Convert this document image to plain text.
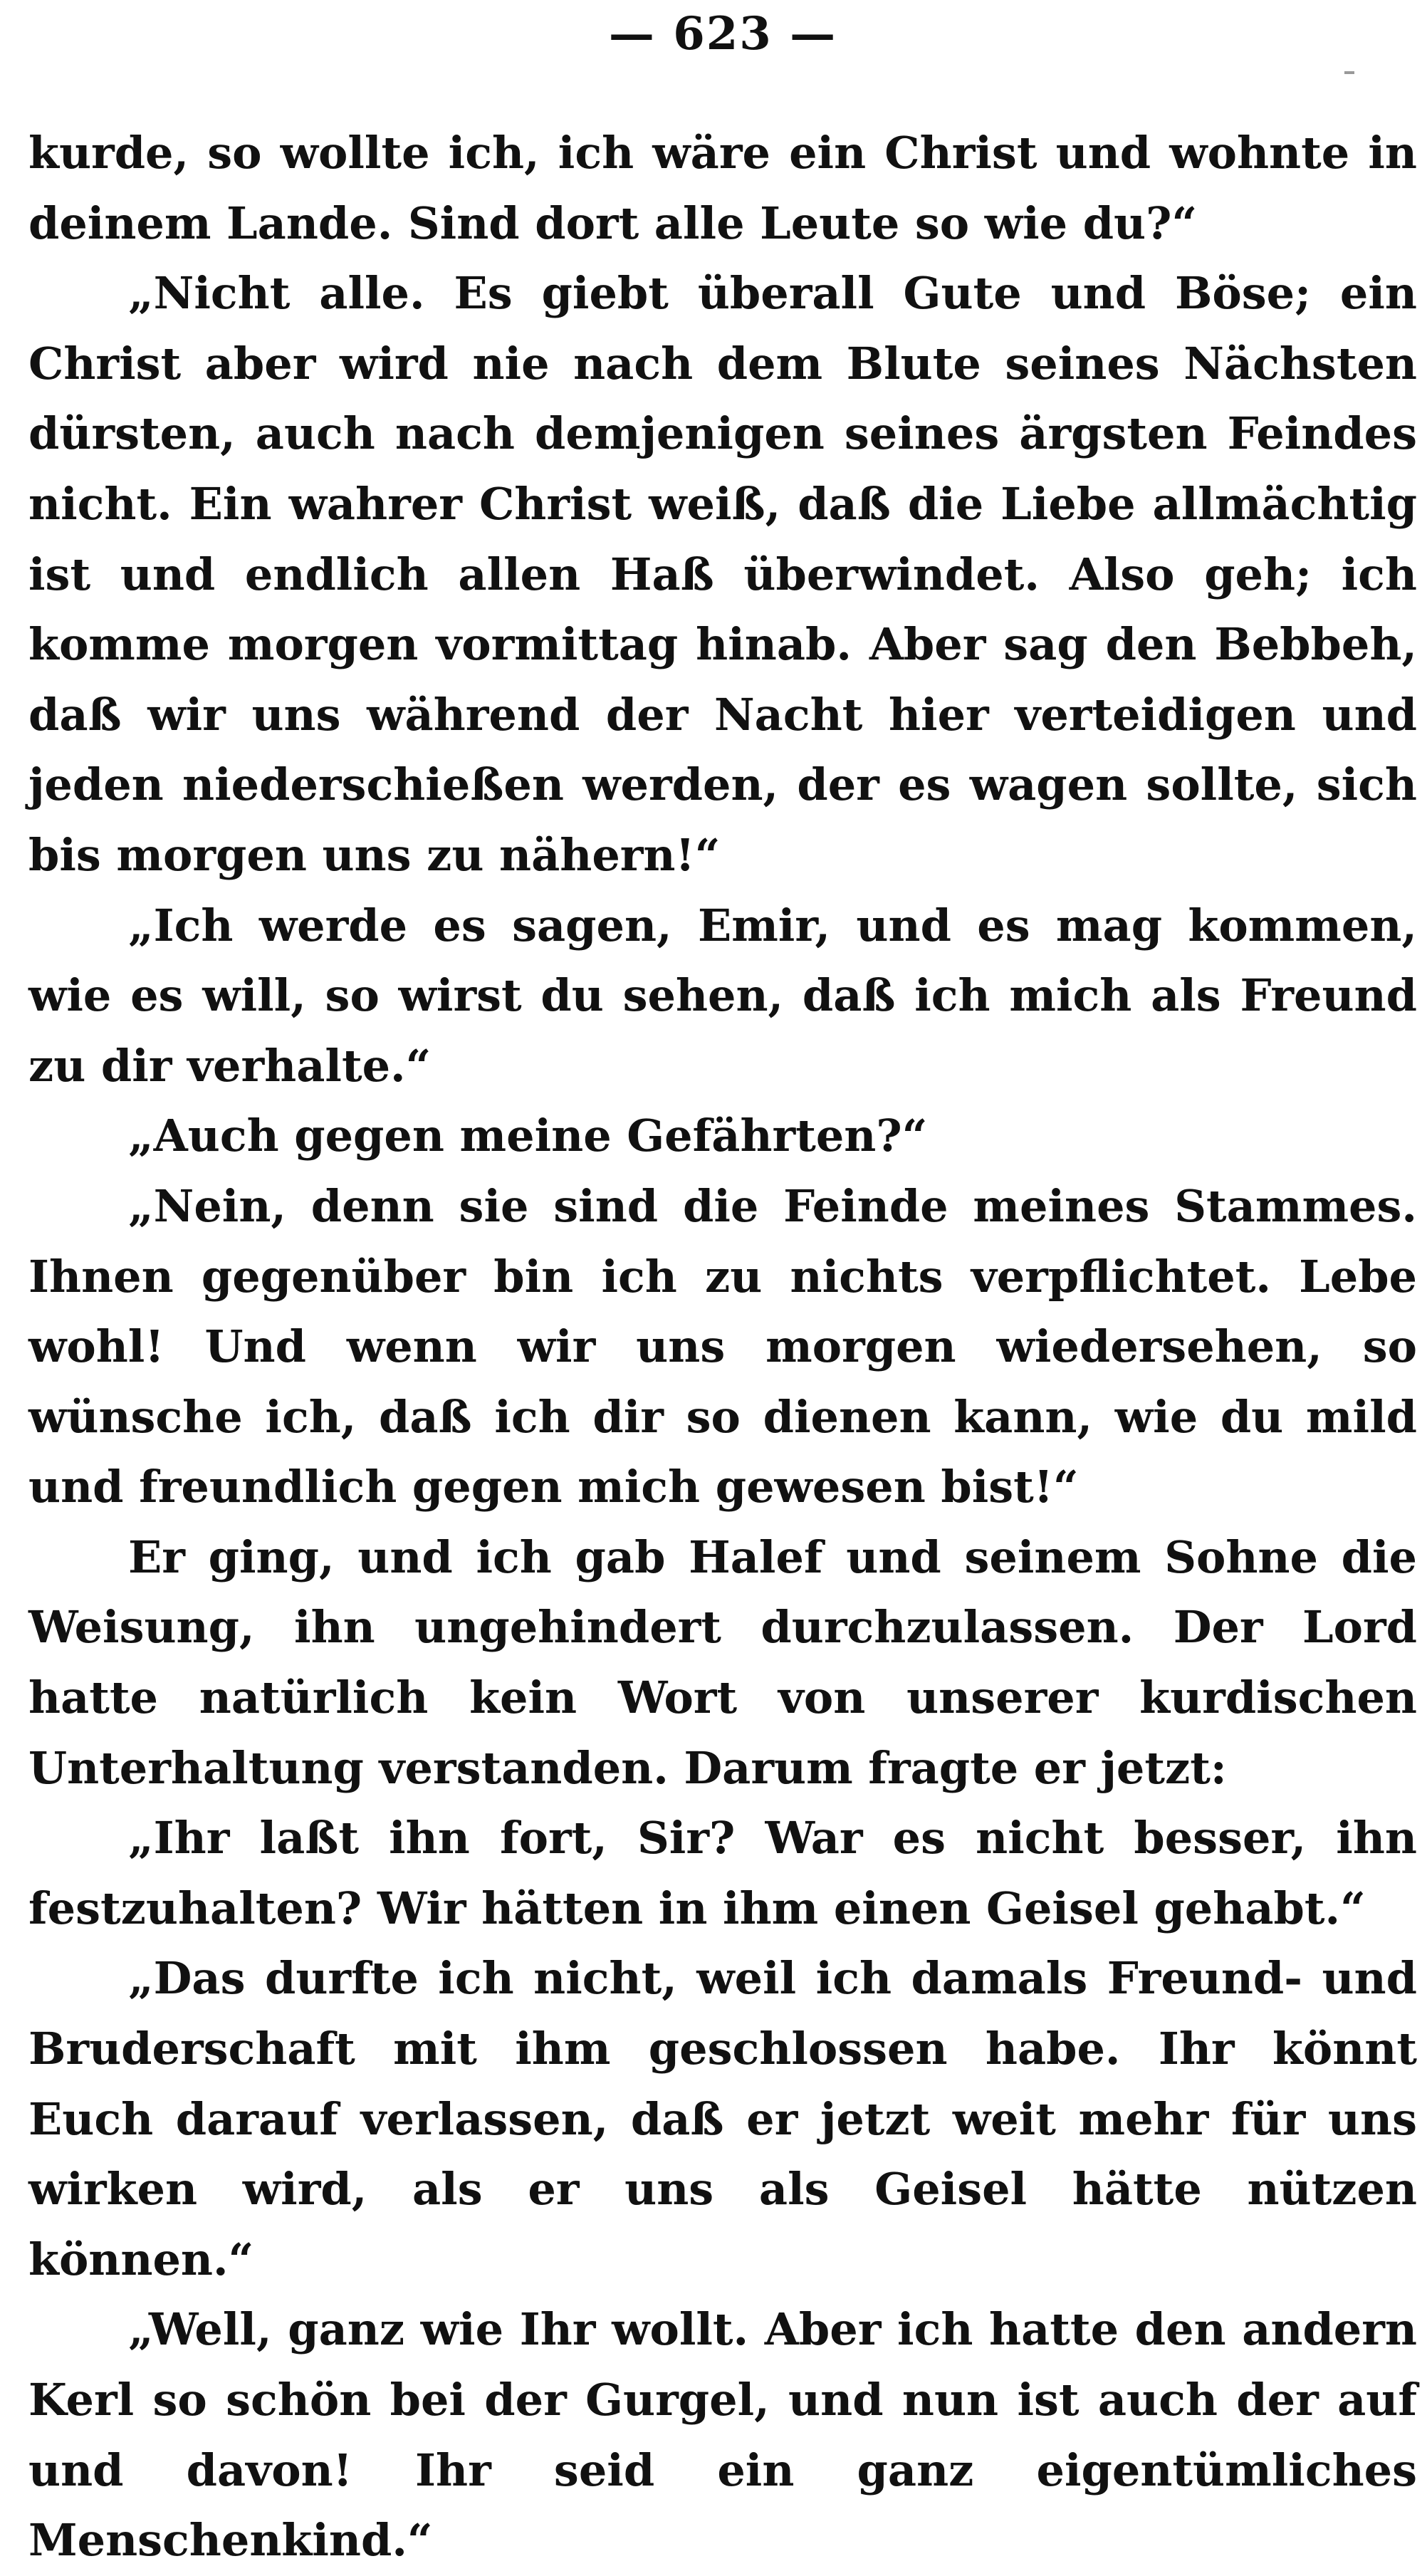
— 623 —

kurde, so wollte ich, ich wäre ein Christ und wohnte in deinem Lande. Sind dort alle Leute so wie du?“

„Nicht alle. Es giebt überall Gute und Böse; ein Christ aber wird nie nach dem Blute seines Nächsten dürsten, auch nach demjenigen seines ärgsten Feindes nicht. Ein wahrer Christ weiß, daß die Liebe allmächtig ist und endlich allen Haß überwindet. Also geh; ich komme morgen vormittag hinab. Aber sag den Bebbeh, daß wir uns während der Nacht hier verteidigen und jeden niederschießen werden, der es wagen sollte, sich bis morgen uns zu nähern!“

„Ich werde es sagen, Emir, und es mag kommen, wie es will, so wirst du sehen, daß ich mich als Freund zu dir verhalte.“

„Auch gegen meine Gefährten?“

„Nein, denn sie sind die Feinde meines Stammes. Ihnen gegenüber bin ich zu nichts verpflichtet. Lebe wohl! Und wenn wir uns morgen wiedersehen, so wünsche ich, daß ich dir so dienen kann, wie du mild und freundlich gegen mich gewesen bist!“

Er ging, und ich gab Halef und seinem Sohne die Weisung, ihn ungehindert durchzulassen. Der Lord hatte natürlich kein Wort von unserer kurdischen Unterhaltung verstanden. Darum fragte er jetzt:

„Ihr laßt ihn fort, Sir? War es nicht besser, ihn festzuhalten? Wir hätten in ihm einen Geisel gehabt.“

„Das durfte ich nicht, weil ich damals Freund- und Bruderschaft mit ihm geschlossen habe. Ihr könnt Euch darauf verlassen, daß er jetzt weit mehr für uns wirken wird, als er uns als Geisel hätte nützen können.“

„Well, ganz wie Ihr wollt. Aber ich hatte den andern Kerl so schön bei der Gurgel, und nun ist auch der auf und davon! Ihr seid ein ganz eigentümliches Menschenkind.“
